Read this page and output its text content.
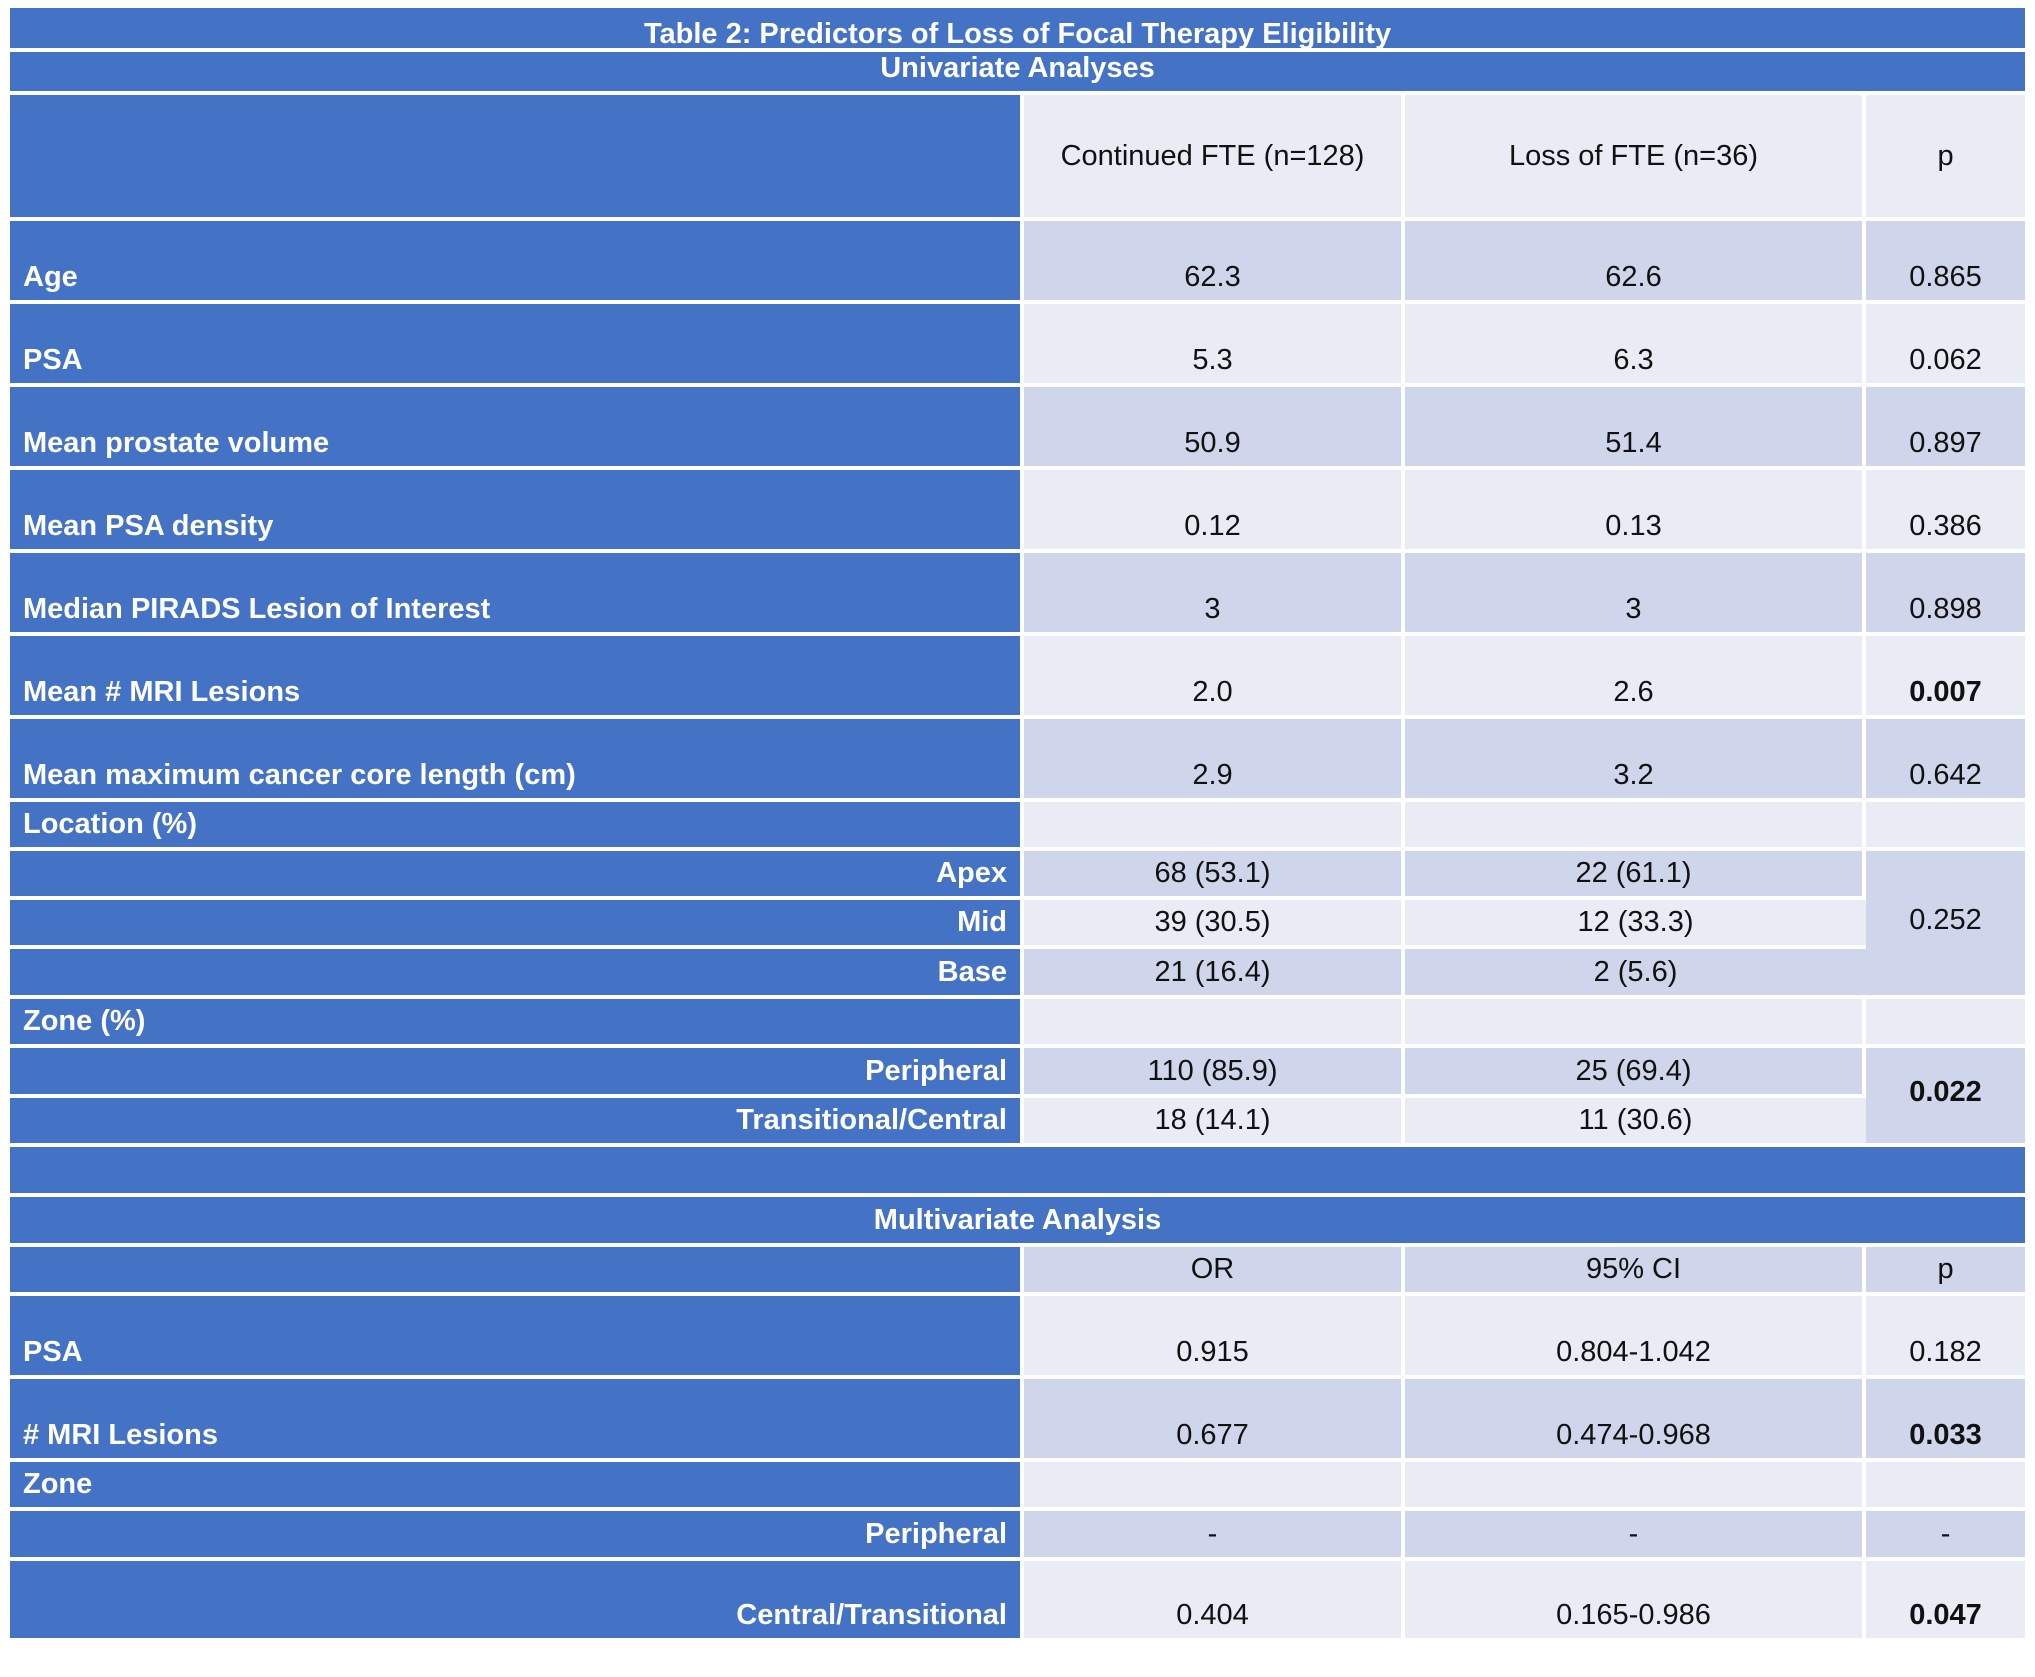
Table 2: Predictors of Loss of Focal Therapy Eligibility			
Univariate Analyses			
	Continued FTE (n=128)	Loss of FTE (n=36)	p
Age	62.3	62.6	0.865
PSA	5.3	6.3	0.062
Mean prostate volume	50.9	51.4	0.897
Mean PSA density	0.12	0.13	0.386
Median PIRADS Lesion of Interest	3	3	0.898
Mean # MRI Lesions	2.0	2.6	0.007
Mean maximum cancer core length (cm)	2.9	3.2	0.642
Location (%)			
Apex	68 (53.1)	22 (61.1)	0.252
Mid	39 (30.5)	12 (33.3)	
Base	21 (16.4)	2 (5.6)	
Zone (%)			
Peripheral	110 (85.9)	25 (69.4)	0.022
Transitional/Central	18 (14.1)	11 (30.6)	

Multivariate Analysis			
	OR	95% CI	p
PSA	0.915	0.804-1.042	0.182
# MRI Lesions	0.677	0.474-0.968	0.033
Zone			
Peripheral	-	-	-
Central/Transitional	0.404	0.165-0.986	0.047
